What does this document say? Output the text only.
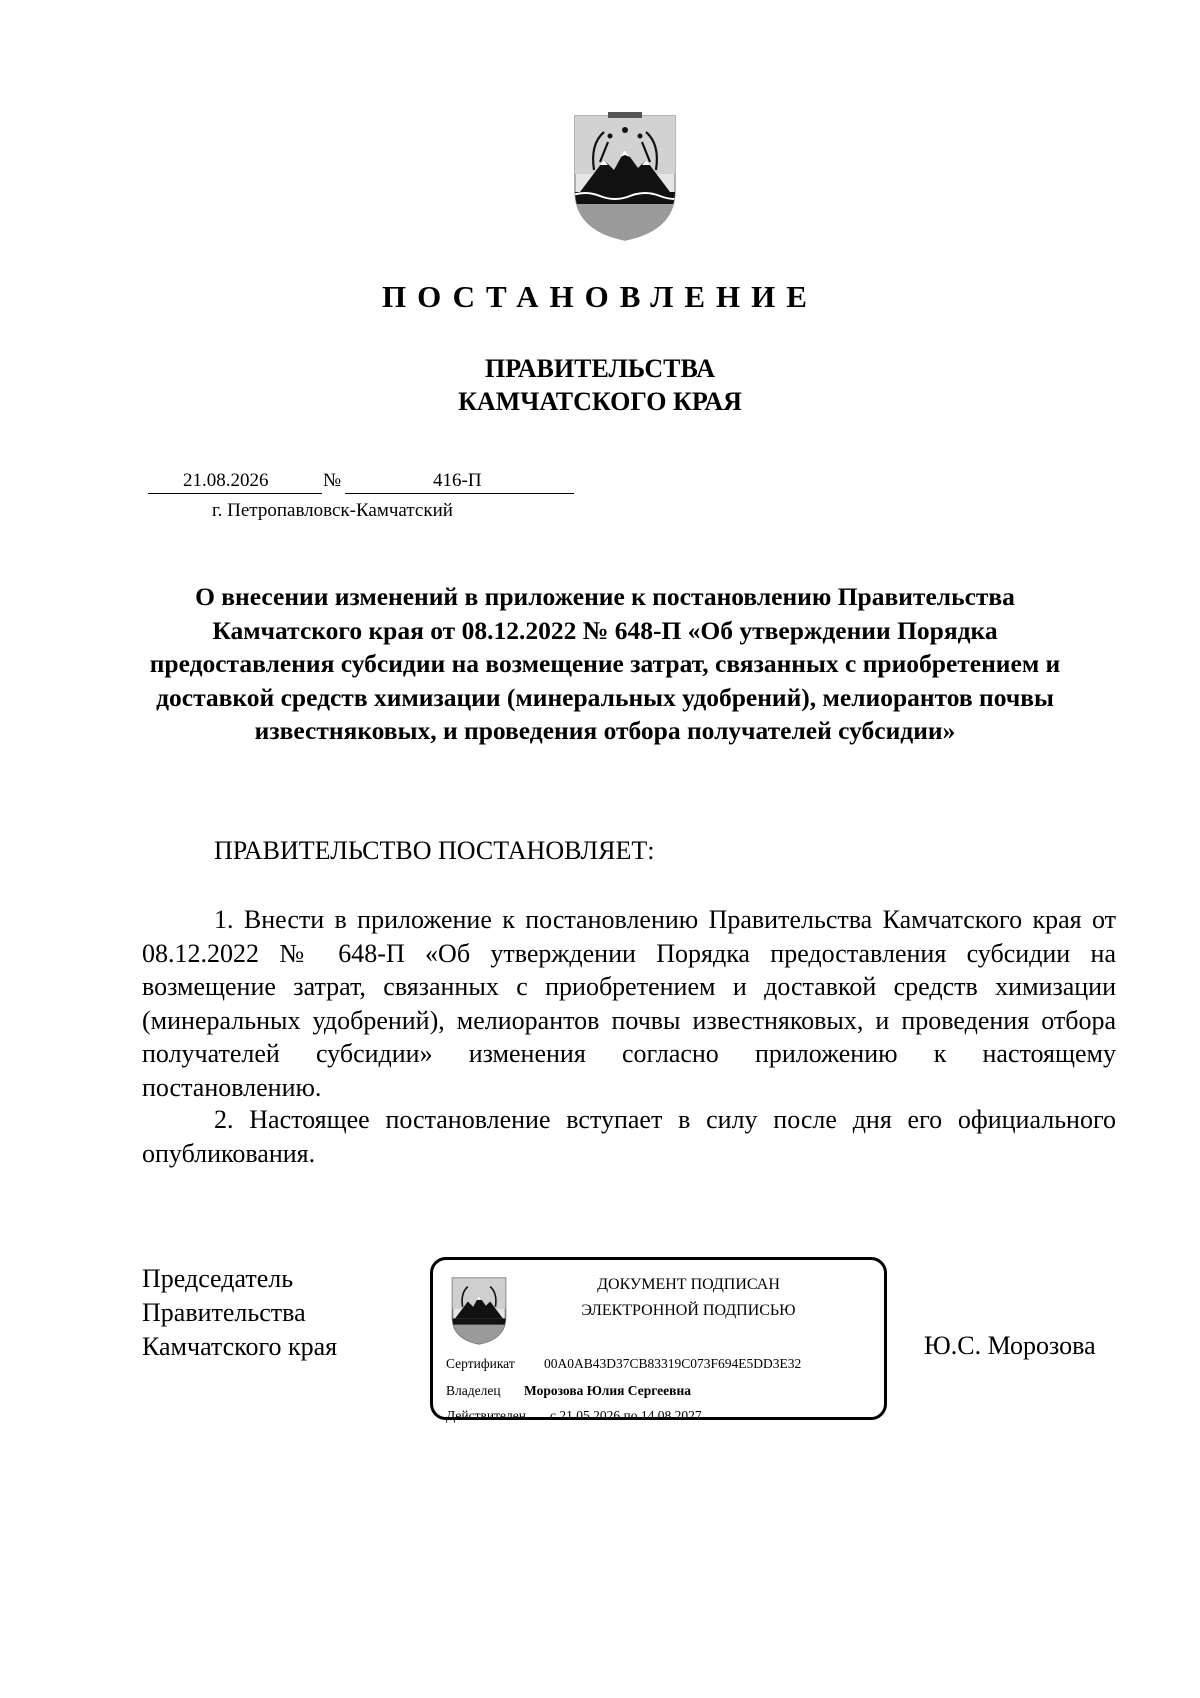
ПОСТАНОВЛЕНИЕ
ПРАВИТЕЛЬСТВА
КАМЧАТСКОГО КРАЯ
21.08.2026	№	416-П
г. Петропавловск-Камчатский
О внесении изменений в приложение к постановлению Правительства Камчатского края от 08.12.2022 № 648-П «Об утверждении Порядка предоставления субсидии на возмещение затрат, связанных с приобретением и доставкой средств химизации (минеральных удобрений), мелиорантов почвы известняковых, и проведения отбора получателей субсидии»
ПРАВИТЕЛЬСТВО ПОСТАНОВЛЯЕТ:

1. Внести в приложение к постановлению Правительства Камчатского края от 08.12.2022 № 648-П «Об утверждении Порядка предоставления субсидии на возмещение затрат, связанных с приобретением и доставкой средств химизации (минеральных удобрений), мелиорантов почвы известняковых, и проведения отбора получателей субсидии» изменения согласно приложению к настоящему постановлению.

2. Настоящее постановление вступает в силу после дня его официального опубликования.

Председатель
Правительства
Камчатского края
ДОКУМЕНТ ПОДПИСАН
ЭЛЕКТРОННОЙ ПОДПИСЬЮ
Сертификат 00A0AB43D37CB83319C073F694E5DD3E32
Владелец Морозова Юлия Сергеевна
Действителен с 21.05.2026 по 14.08.2027
Ю.С. Морозова
